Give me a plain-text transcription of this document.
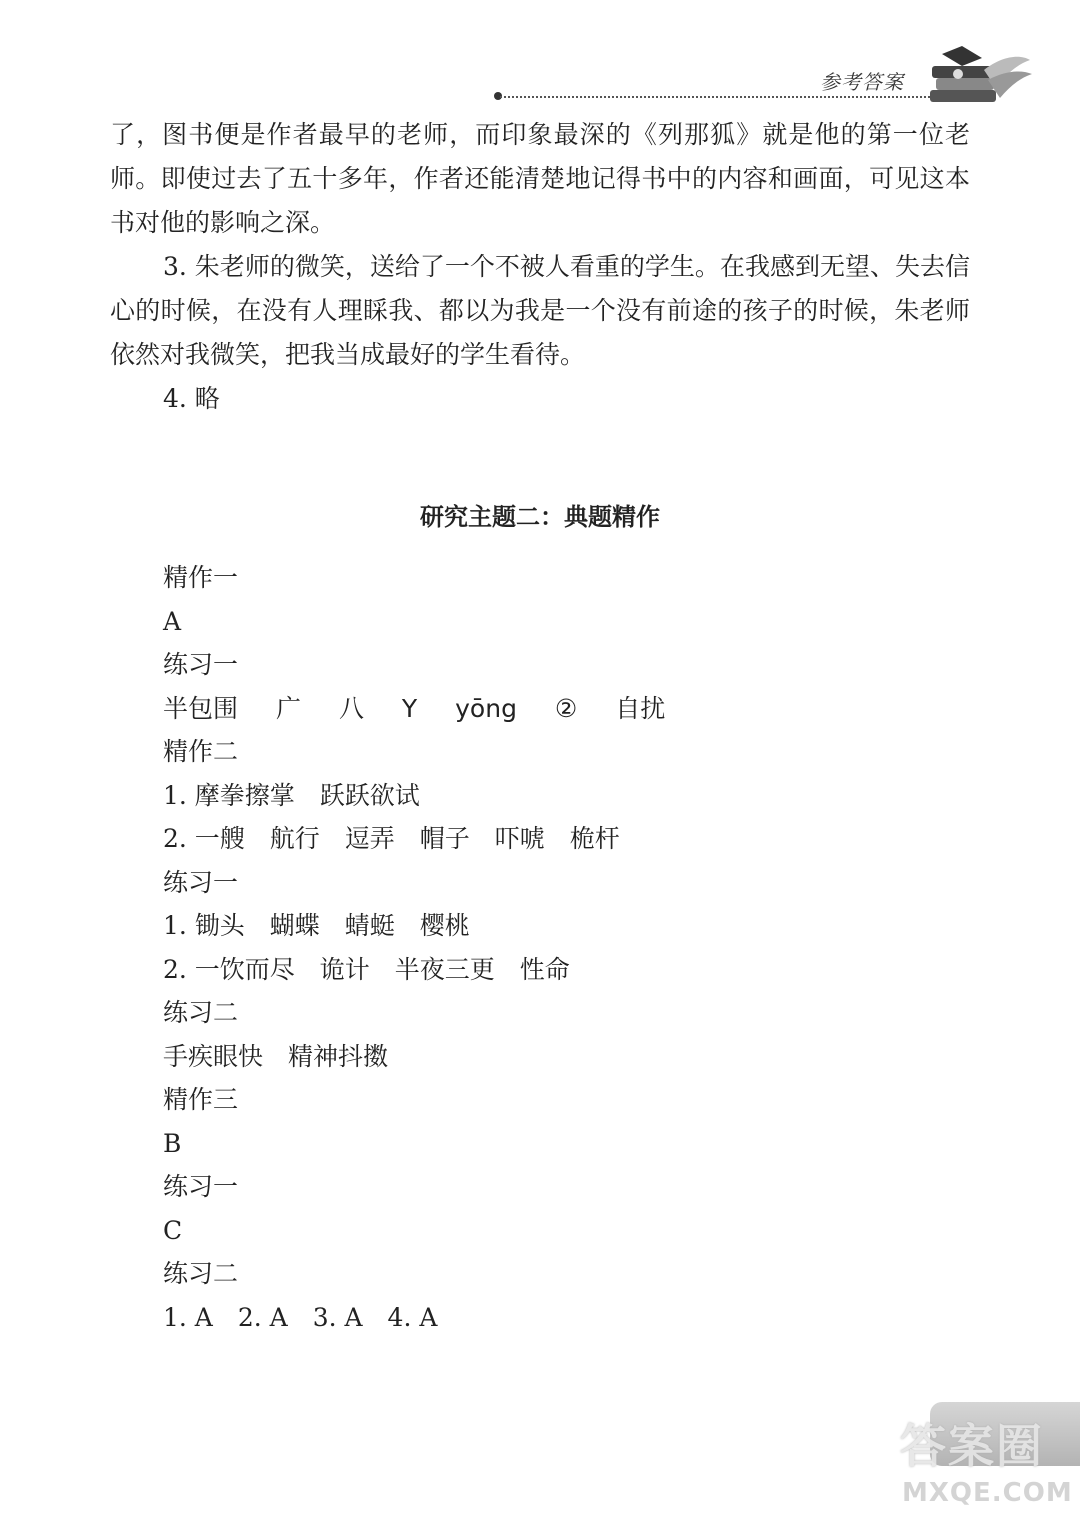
参考答案

了，图书便是作者最早的老师，而印象最深的《列那狐》就是他的第一位老师。即使过去了五十多年，作者还能清楚地记得书中的内容和画面，可见这本书对他的影响之深。

3. 朱老师的微笑，送给了一个不被人看重的学生。在我感到无望、失去信心的时候，在没有人理睬我、都以为我是一个没有前途的孩子的时候，朱老师依然对我微笑，把我当成最好的学生看待。

4. 略

研究主题二：典题精作
精作一
A
练习一
半包围 广 八 Y yōng ② 自扰
精作二
1. 摩拳擦掌　跃跃欲试
2. 一艘　航行　逗弄　帽子　吓唬　桅杆
练习一
1. 锄头　蝴蝶　蜻蜓　樱桃
2. 一饮而尽　诡计　半夜三更　性命
练习二
手疾眼快　精神抖擞
精作三
B
练习一
C
练习二
1. A　2. A　3. A　4. A
答案圈
MXQE.COM
